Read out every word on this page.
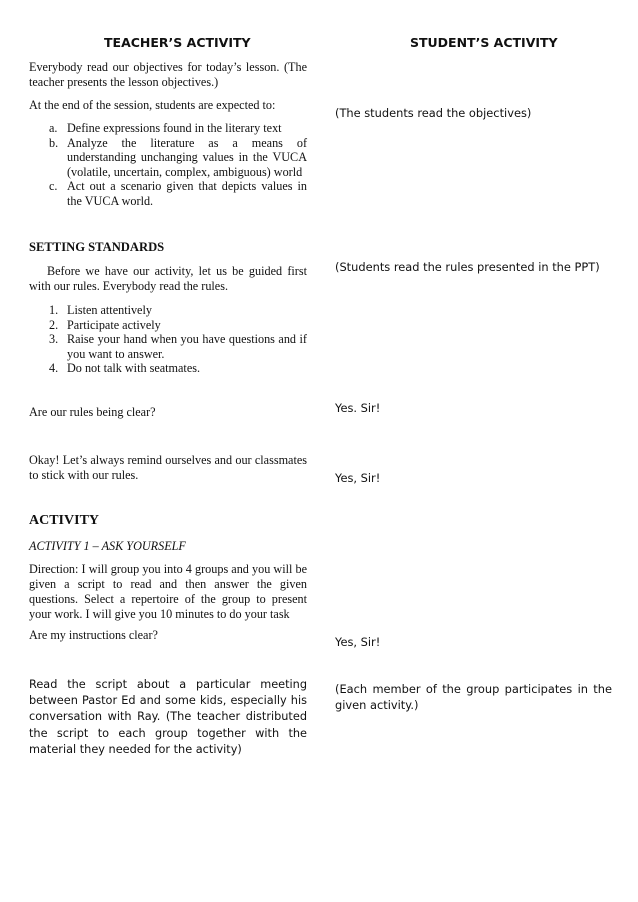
TEACHER’S ACTIVITY	STUDENT’S ACTIVITY
Everybody read our objectives for today’s lesson. (The teacher presents the lesson objectives.)
At the end of the session, students are expected to:
a. Define expressions found in the literary text
b. Analyze the literature as a means of understanding unchanging values in the VUCA (volatile, uncertain, complex, ambiguous) world
c. Act out a scenario given that depicts values in the VUCA world.
SETTING STANDARDS
Before we have our activity, let us be guided first with our rules. Everybody read the rules.
1. Listen attentively
2. Participate actively
3. Raise your hand when you have questions and if you want to answer.
4. Do not talk with seatmates.
Are our rules being clear?
Okay! Let’s always remind ourselves and our classmates to stick with our rules.
ACTIVITY
ACTIVITY 1 – ASK YOURSELF
Direction: I will group you into 4 groups and you will be given a script to read and then answer the given questions. Select a repertoire of the group to present your work. I will give you 10 minutes to do your task
Are my instructions clear?
Read the script about a particular meeting between Pastor Ed and some kids, especially his conversation with Ray. (The teacher distributed the script to each group together with the material they needed for the activity)
(The students read the objectives)
(Students read the rules presented in the PPT)
Yes. Sir!
Yes, Sir!
Yes, Sir!
(Each member of the group participates in the given activity.)
